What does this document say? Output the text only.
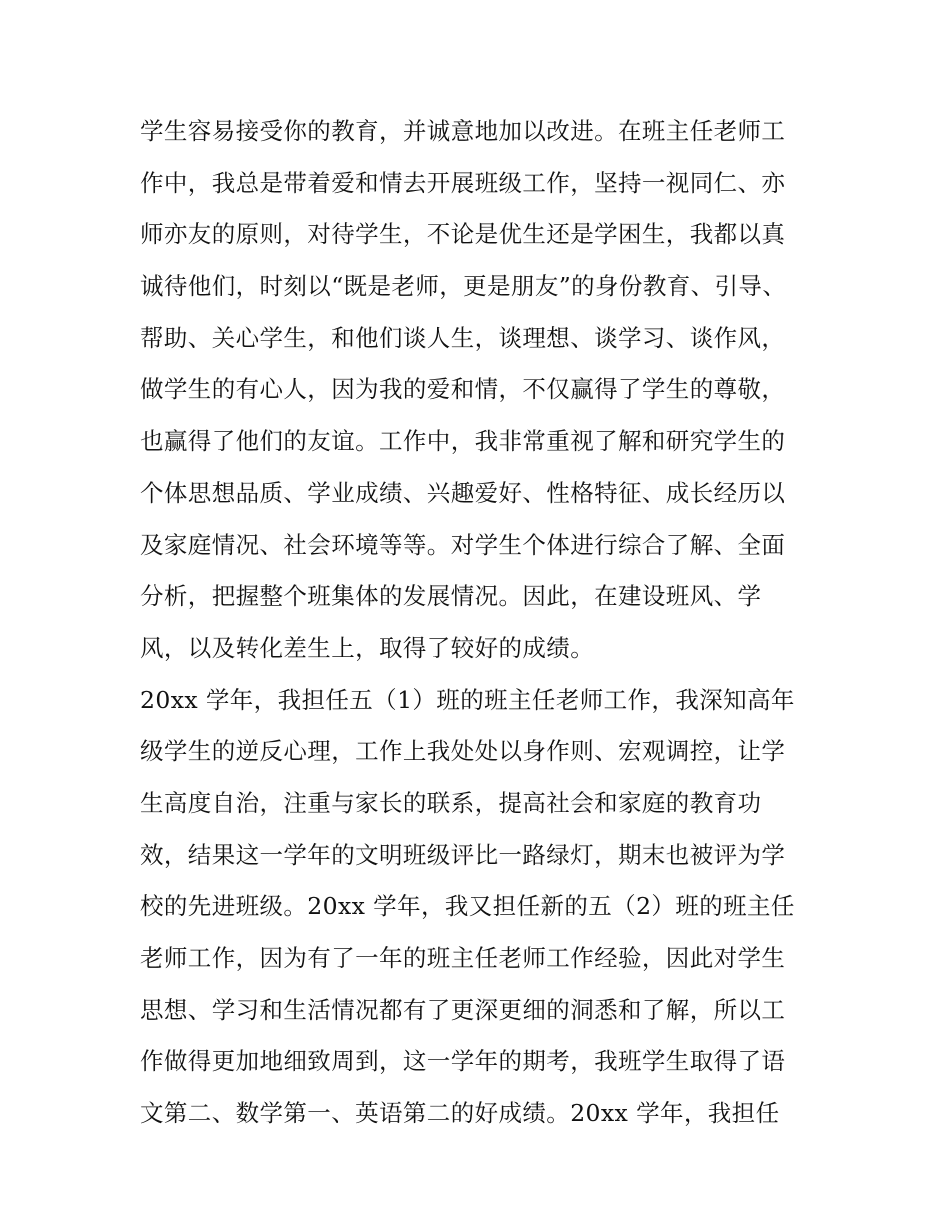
学生容易接受你的教育，并诚意地加以改进。在班主任老师工
作中，我总是带着爱和情去开展班级工作，坚持一视同仁、亦
师亦友的原则，对待学生，不论是优生还是学困生，我都以真
诚待他们，时刻以“既是老师，更是朋友”的身份教育、引导、
帮助、关心学生，和他们谈人生，谈理想、谈学习、谈作风，
做学生的有心人，因为我的爱和情，不仅赢得了学生的尊敬，
也赢得了他们的友谊。工作中，我非常重视了解和研究学生的
个体思想品质、学业成绩、兴趣爱好、性格特征、成长经历以
及家庭情况、社会环境等等。对学生个体进行综合了解、全面
分析，把握整个班集体的发展情况。因此，在建设班风、学
风，以及转化差生上，取得了较好的成绩。
20xx 学年，我担任五（1）班的班主任老师工作，我深知高年
级学生的逆反心理，工作上我处处以身作则、宏观调控，让学
生高度自治，注重与家长的联系，提高社会和家庭的教育功
效，结果这一学年的文明班级评比一路绿灯，期末也被评为学
校的先进班级。20xx 学年，我又担任新的五（2）班的班主任
老师工作，因为有了一年的班主任老师工作经验，因此对学生
思想、学习和生活情况都有了更深更细的洞悉和了解，所以工
作做得更加地细致周到，这一学年的期考，我班学生取得了语
文第二、数学第一、英语第二的好成绩。20xx 学年，我担任
